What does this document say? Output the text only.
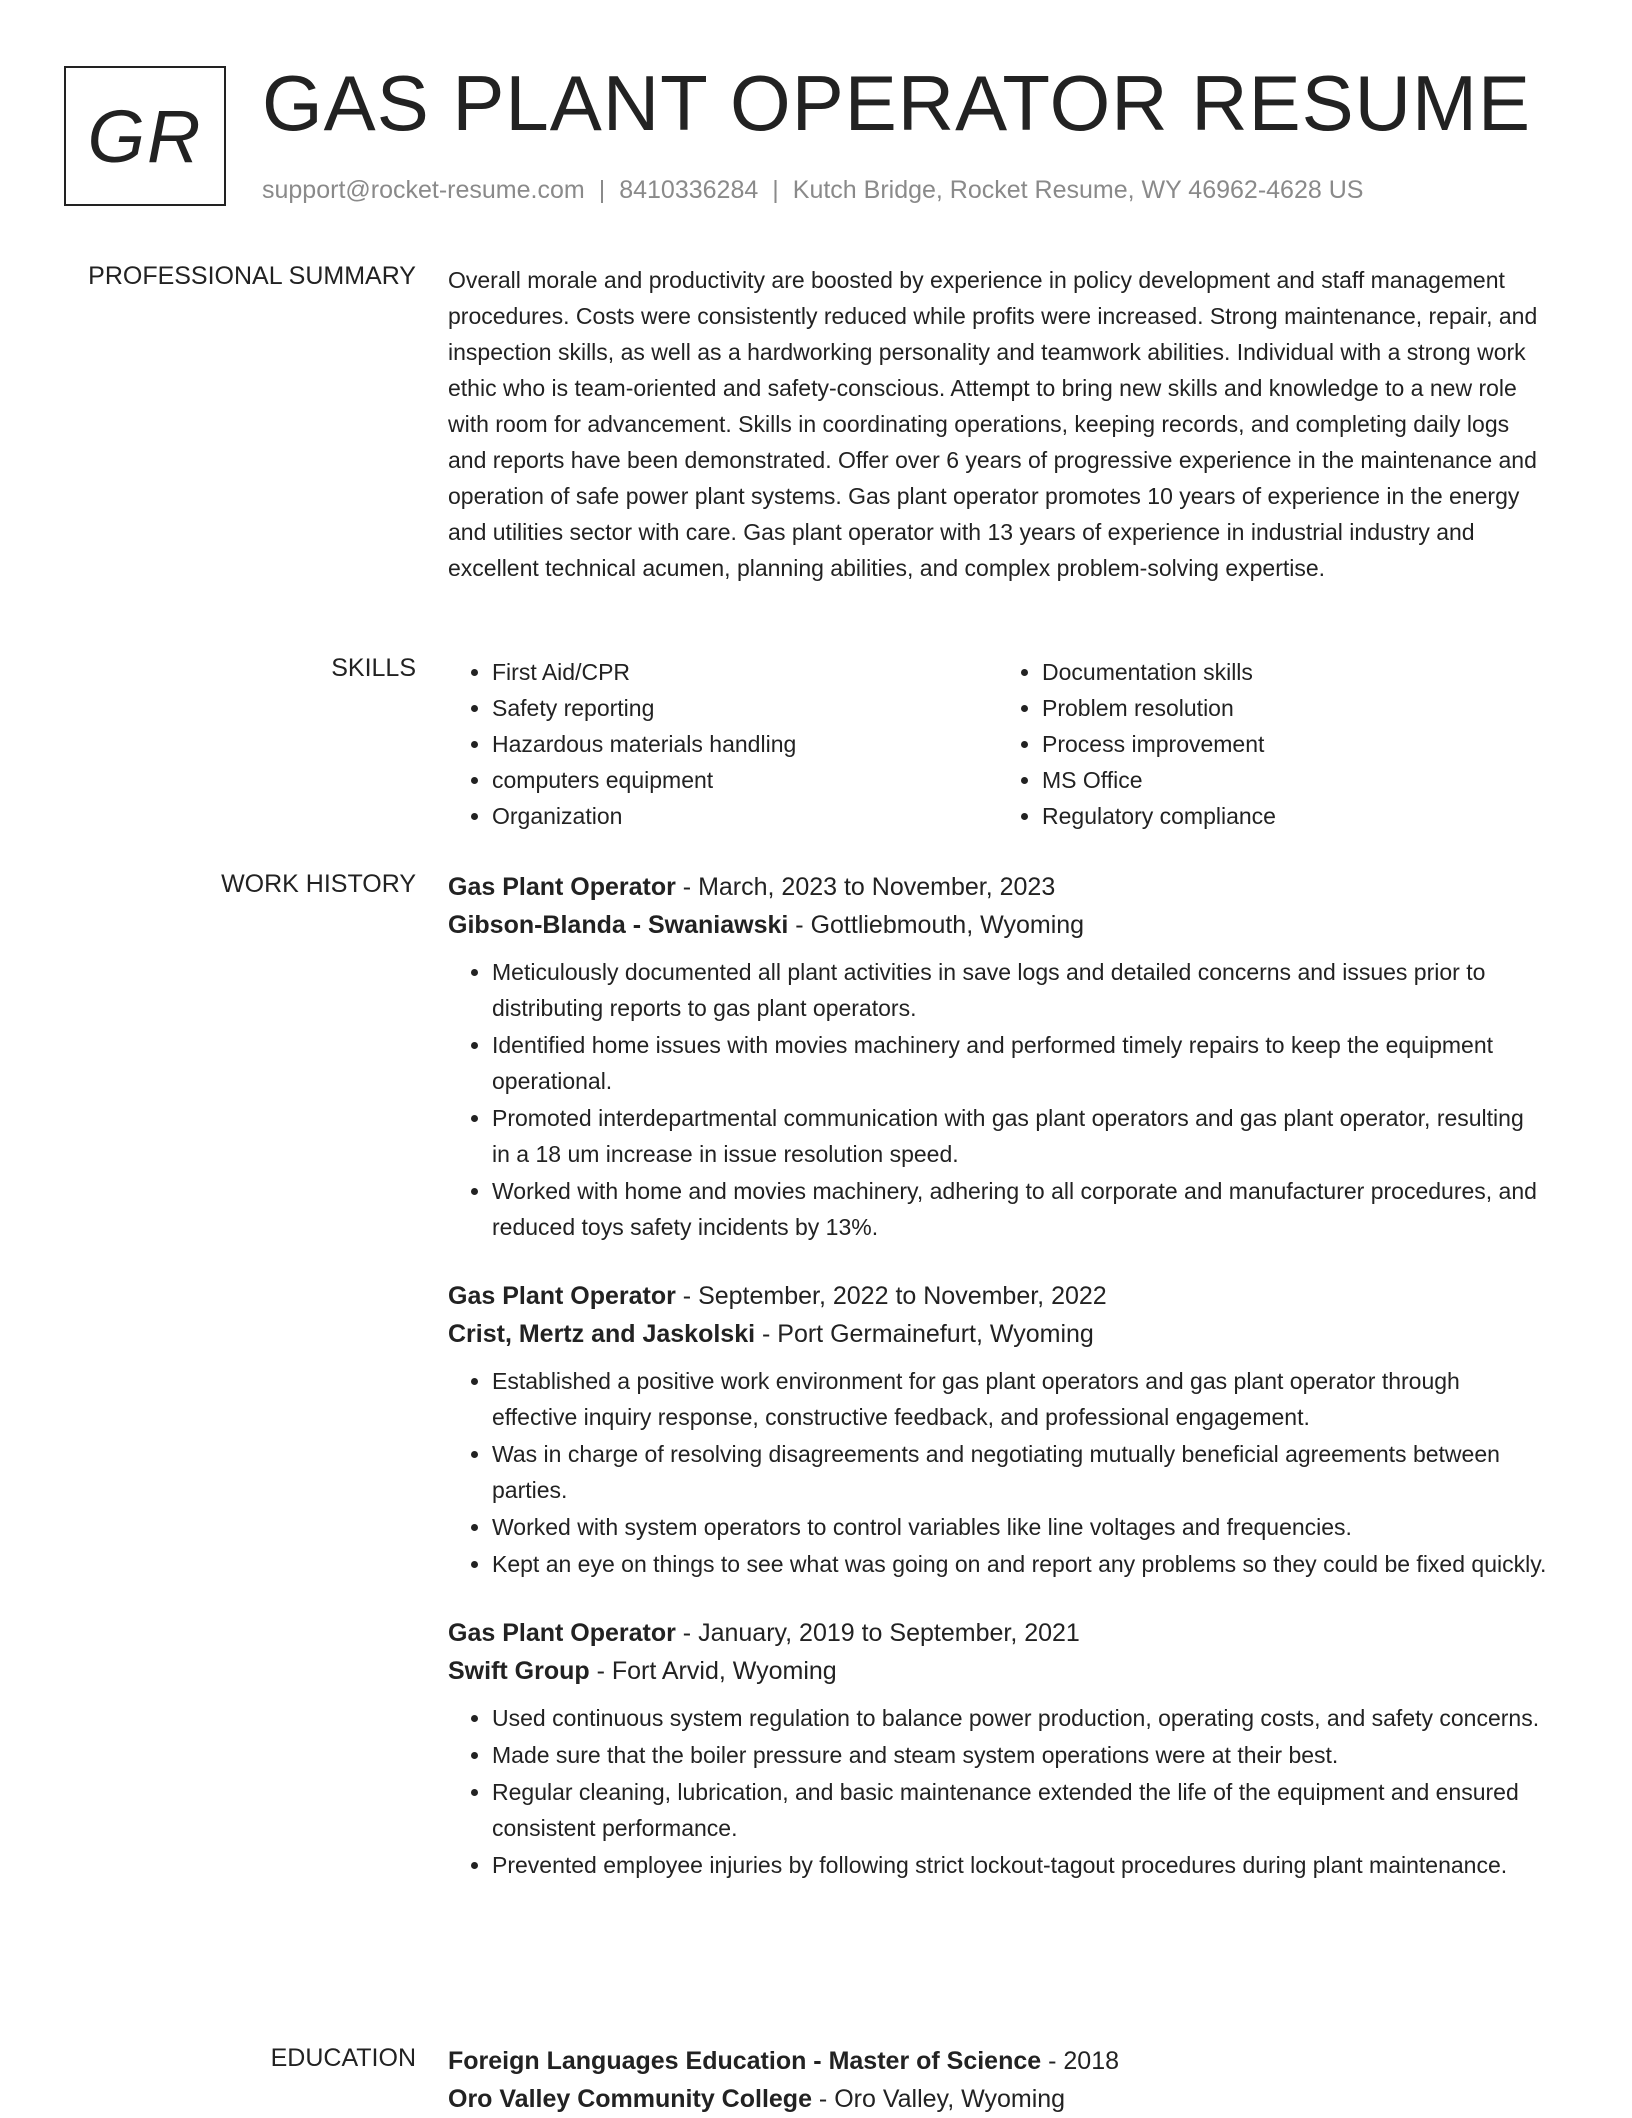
GR GAS PLANT OPERATOR RESUME
support@rocket-resume.com | 8410336284 | Kutch Bridge, Rocket Resume, WY 46962-4628 US
PROFESSIONAL SUMMARY Overall morale and productivity are boosted by experience in policy development and staff management procedures. Costs were consistently reduced while profits were increased. Strong maintenance, repair, and inspection skills, as well as a hardworking personality and teamwork abilities. Individual with a strong work ethic who is team-oriented and safety-conscious. Attempt to bring new skills and knowledge to a new role with room for advancement. Skills in coordinating operations, keeping records, and completing daily logs and reports have been demonstrated. Offer over 6 years of progressive experience in the maintenance and operation of safe power plant systems. Gas plant operator promotes 10 years of experience in the energy and utilities sector with care. Gas plant operator with 13 years of experience in industrial industry and excellent technical acumen, planning abilities, and complex problem-solving expertise.

SKILLS
•	First Aid/CPR
• Safety reporting
• Hazardous materials handling
• computers equipment
• Organization
• Documentation skills
• Problem resolution
• Process improvement
• MS Office
• Regulatory compliance
WORK HISTORY Gas Plant Operator - March, 2023 to November, 2023
Gibson-Blanda - Swaniawski - Gottliebmouth, Wyoming
• Meticulously documented all plant activities in save logs and detailed concerns and issues prior to distributing reports to gas plant operators.
• Identified home issues with movies machinery and performed timely repairs to keep the equipment operational.
• Promoted interdepartmental communication with gas plant operators and gas plant operator, resulting in a 18 um increase in issue resolution speed.
• Worked with home and movies machinery, adhering to all corporate and manufacturer procedures, and reduced toys safety incidents by 13%.
Gas Plant Operator - September, 2022 to November, 2022
Crist, Mertz and Jaskolski - Port Germainefurt, Wyoming
• Established a positive work environment for gas plant operators and gas plant operator through effective inquiry response, constructive feedback, and professional engagement.
• Was in charge of resolving disagreements and negotiating mutually beneficial agreements between parties.
• Worked with system operators to control variables like line voltages and frequencies.
• Kept an eye on things to see what was going on and report any problems so they could be fixed quickly.
Gas Plant Operator - January, 2019 to September, 2021
Swift Group - Fort Arvid, Wyoming
• Used continuous system regulation to balance power production, operating costs, and safety concerns.
• Made sure that the boiler pressure and steam system operations were at their best.
• Regular cleaning, lubrication, and basic maintenance extended the life of the equipment and ensured consistent performance.
• Prevented employee injuries by following strict lockout-tagout procedures during plant maintenance.
EDUCATION Foreign Languages Education - Master of Science - 2018
Oro Valley Community College - Oro Valley, Wyoming
